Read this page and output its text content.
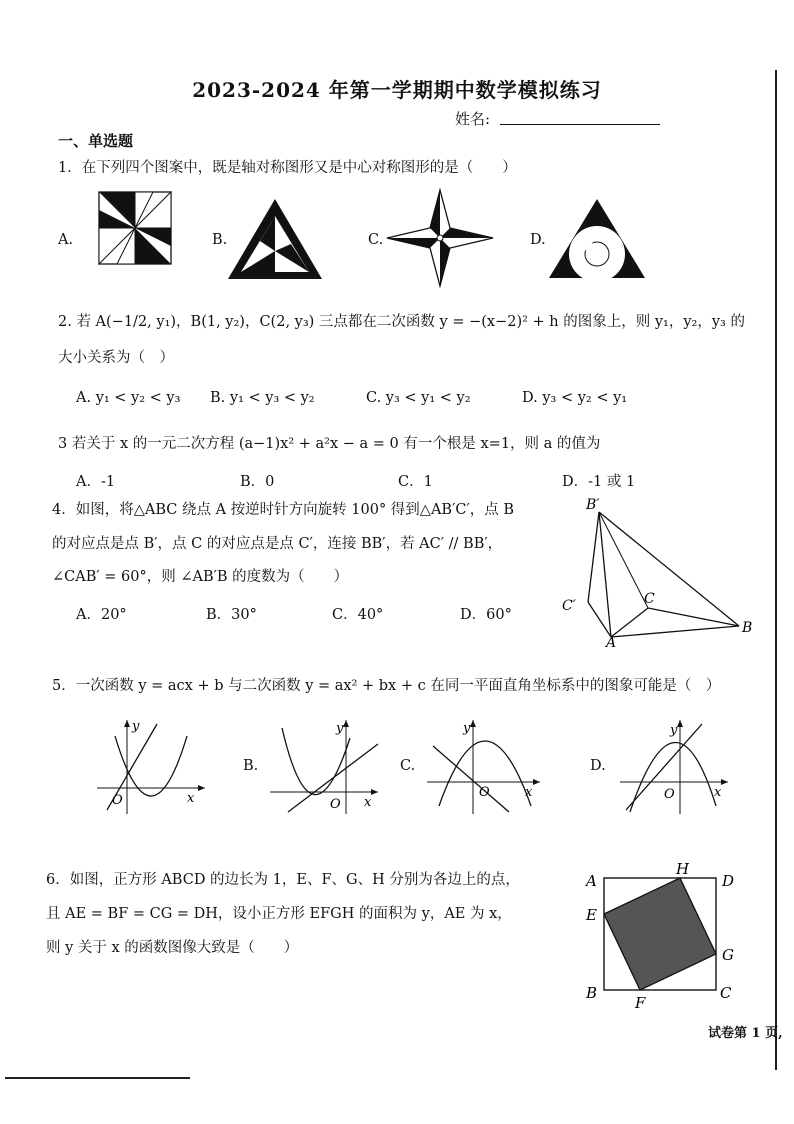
2023-2024 年第一学期期中数学模拟练习
姓名:
一、单选题
1．在下列四个图案中，既是轴对称图形又是中心对称图形的是（　　）
A.	B.	C.	D.
2. 若 A(−1/2, y₁)，B(1, y₂)，C(2, y₃) 三点都在二次函数 y = −(x−2)² + h 的图象上，则 y₁，y₂，y₃ 的
大小关系为（　）
A. y₁ < y₂ < y₃ B. y₁ < y₃ < y₂	C. y₃ < y₁ < y₂	D. y₃ < y₂ < y₁
3 若关于 x 的一元二次方程 (a−1)x² + a²x − a = 0 有一个根是 x=1，则 a 的值为
A．-1	B．0	C．1	D．-1 或 1
4．如图，将△ABC 绕点 A 按逆时针方向旋转 100° 得到△AB′C′，点 B
的对应点是点 B′，点 C 的对应点是点 C′，连接 BB′，若 AC′ // BB′，
∠CAB′ = 60°，则 ∠AB′B 的度数为（　　）
A．20°	B．30°	C．40°	D．60°
B′
C′	C
A
B
5．一次函数 y = acx + b 与二次函数 y = ax² + bx + c 在同一平面直角坐标系中的图象可能是（　）
y
x
O
B.
y
x
O
C.
y
x
O
D.
y
x
O
6．如图，正方形 ABCD 的边长为 1，E、F、G、H 分别为各边上的点，
且 AE = BF = CG = DH，设小正方形 EFGH 的面积为 y，AE 为 x，
则 y 关于 x 的函数图像大致是（　　）
A
H
D
E
G
B
F
C
试卷第 1 页,
